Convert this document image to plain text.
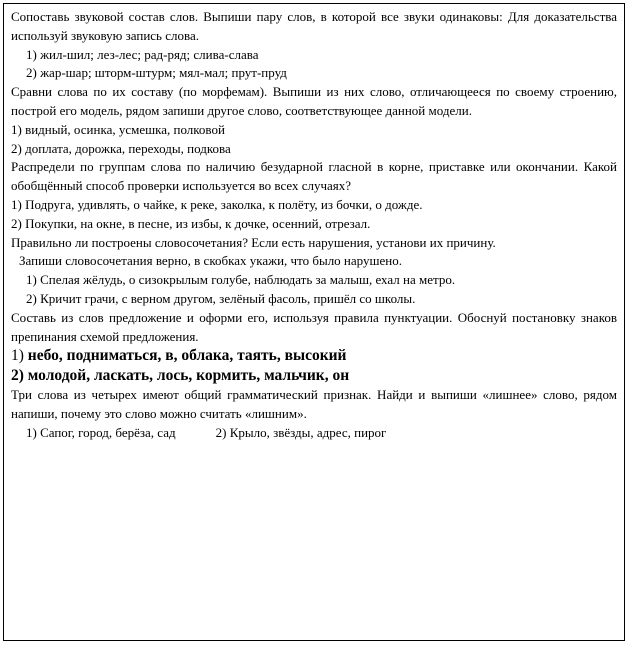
Сопоставь звуковой состав слов. Выпиши пару слов, в которой все звуки одинаковы: Для доказательства используй звуковую запись слова.

1) жил-шил; лез-лес; рад-ряд; слива-слава

2) жар-шар; шторм-штурм; мял-мал; прут-пруд

Сравни слова по их составу (по морфемам). Выпиши из них слово, отличающееся по своему строению, построй его модель, рядом запиши другое слово, соответствующее данной модели.

1) видный, осинка, усмешка, полковой

2) доплата, дорожка, переходы, подкова

Распредели по группам слова по наличию безударной гласной в корне, приставке или окончании. Какой обобщённый способ проверки используется во всех случаях?

1) Подруга, удивлять, о чайке, к реке, заколка, к полёту, из бочки, о дожде.

2) Покупки, на окне, в песне, из избы, к дочке, осенний, отрезал.

Правильно ли построены словосочетания? Если есть нарушения, установи их причину.

Запиши словосочетания верно, в скобках укажи, что было нарушено.

1) Спелая жёлудь, о сизокрылым голубе, наблюдать за малыш, ехал на метро.

2) Кричит грачи, с верном другом, зелёный фасоль, пришёл со школы.

Составь из слов предложение и оформи его, используя правила пунктуации. Обоснуй постановку знаков препинания схемой предложения.

1) небо, подниматься, в, облака, таять, высокий

2) молодой, ласкать, лось, кормить, мальчик, он

Три слова из четырех имеют общий грамматический признак. Найди и выпиши «лишнее» слово, рядом напиши, почему это слово можно считать «лишним».

1) Сапог, город, берёза, сад	2) Крыло, звёзды, адрес, пирог
